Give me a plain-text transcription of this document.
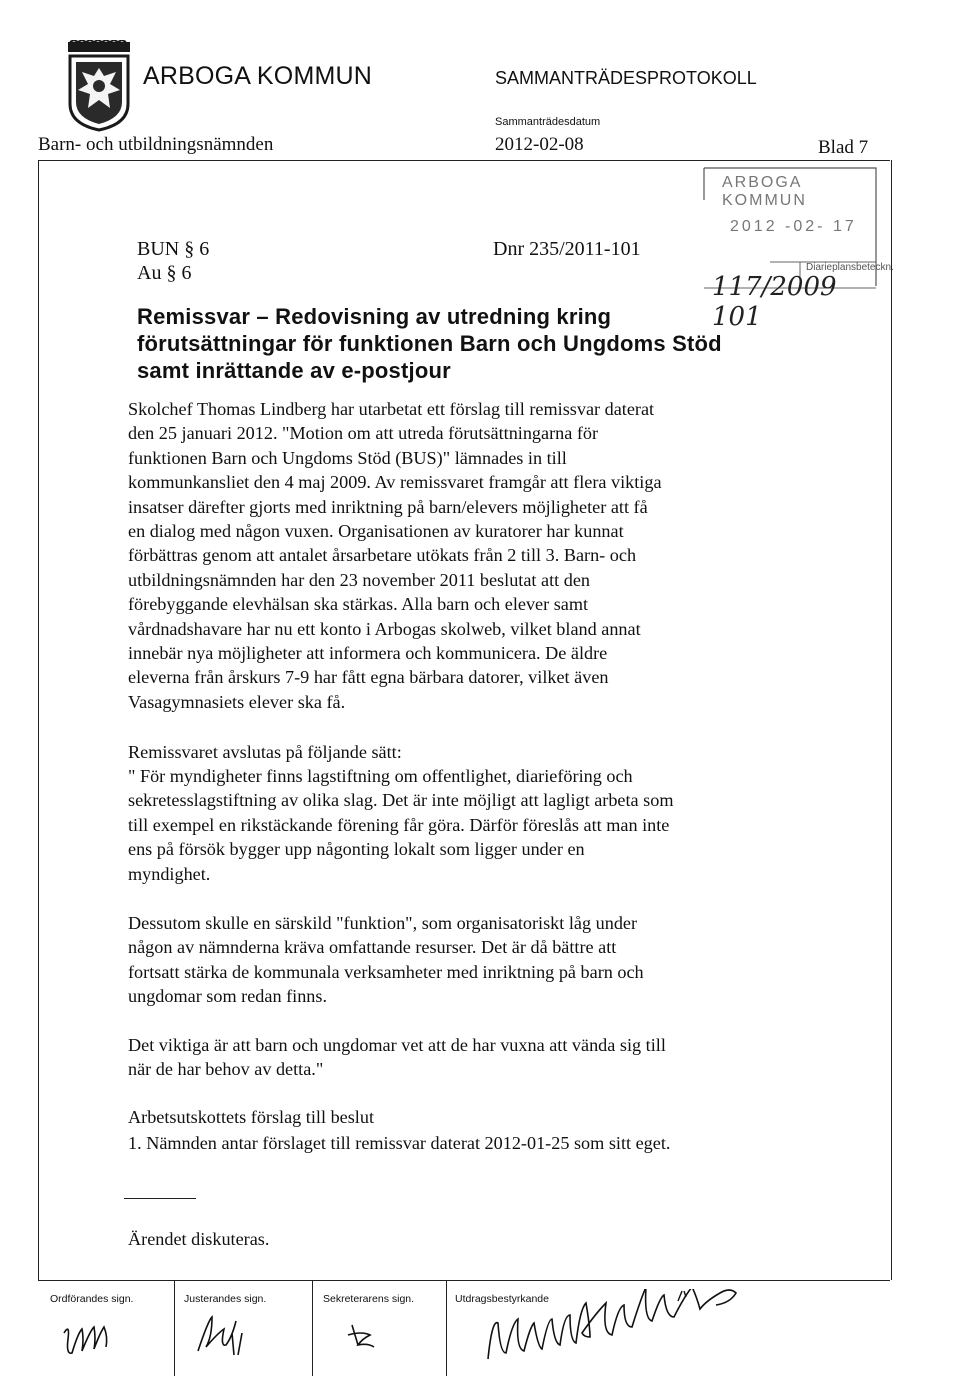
ARBOGA KOMMUN	SAMMANTRÄDESPROTOKOLL
Barn- och utbildningsnämnden
Sammanträdesdatum
2012-02-08	Blad 7
ARBOGA KOMMUN
2012 -02- 17
Diarieplansbeteckn.
117/2009 101
BUN § 6
Au § 6
Dnr 235/2011-101
Remissvar – Redovisning av utredning kring
förutsättningar för funktionen Barn och Ungdoms Stöd
samt inrättande av e-postjour
Skolchef Thomas Lindberg har utarbetat ett förslag till remissvar daterat
den 25 januari 2012. "Motion om att utreda förutsättningarna för
funktionen Barn och Ungdoms Stöd (BUS)" lämnades in till
kommunkansliet den 4 maj 2009. Av remissvaret framgår att flera viktiga
insatser därefter gjorts med inriktning på barn/elevers möjligheter att få
en dialog med någon vuxen. Organisationen av kuratorer har kunnat
förbättras genom att antalet årsarbetare utökats från 2 till 3. Barn- och
utbildningsnämnden har den 23 november 2011 beslutat att den
förebyggande elevhälsan ska stärkas. Alla barn och elever samt
vårdnadshavare har nu ett konto i Arbogas skolweb, vilket bland annat
innebär nya möjligheter att informera och kommunicera. De äldre
eleverna från årskurs 7-9 har fått egna bärbara datorer, vilket även
Vasagymnasiets elever ska få.
Remissvaret avslutas på följande sätt:
" För myndigheter finns lagstiftning om offentlighet, diarieföring och
sekretesslagstiftning av olika slag. Det är inte möjligt att lagligt arbeta som
till exempel en rikstäckande förening får göra. Därför föreslås att man inte
ens på försök bygger upp någonting lokalt som ligger under en
myndighet.
Dessutom skulle en särskild "funktion", som organisatoriskt låg under
någon av nämnderna kräva omfattande resurser. Det är då bättre att
fortsatt stärka de kommunala verksamheter med inriktning på barn och
ungdomar som redan finns.
Det viktiga är att barn och ungdomar vet att de har vuxna att vända sig till
när de har behov av detta."
Arbetsutskottets förslag till beslut
1. Nämnden antar förslaget till remissvar daterat 2012-01-25 som sitt eget.
Ärendet diskuteras.
Ordförandes sign.	Justerandes sign.	Sekreterarens sign.	Utdragsbestyrkande
